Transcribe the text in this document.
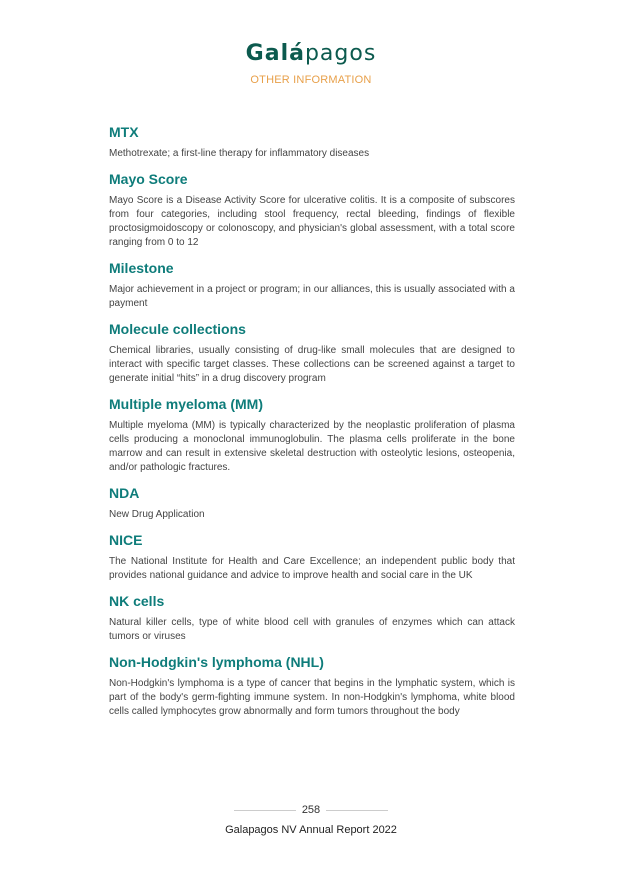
Galápagos
OTHER INFORMATION
MTX

Methotrexate; a first-line therapy for inflammatory diseases

Mayo Score

Mayo Score is a Disease Activity Score for ulcerative colitis. It is a composite of subscores from four categories, including stool frequency, rectal bleeding, findings of flexible proctosigmoidoscopy or colonoscopy, and physician's global assessment, with a total score ranging from 0 to 12

Milestone

Major achievement in a project or program; in our alliances, this is usually associated with a payment

Molecule collections

Chemical libraries, usually consisting of drug-like small molecules that are designed to interact with specific target classes. These collections can be screened against a target to generate initial “hits” in a drug discovery program

Multiple myeloma (MM)

Multiple myeloma (MM) is typically characterized by the neoplastic proliferation of plasma cells producing a monoclonal immunoglobulin. The plasma cells proliferate in the bone marrow and can result in extensive skeletal destruction with osteolytic lesions, osteopenia, and/or pathologic fractures.

NDA

New Drug Application

NICE

The National Institute for Health and Care Excellence; an independent public body that provides national guidance and advice to improve health and social care in the UK

NK cells

Natural killer cells, type of white blood cell with granules of enzymes which can attack tumors or viruses

Non-Hodgkin's lymphoma (NHL)

Non-Hodgkin's lymphoma is a type of cancer that begins in the lymphatic system, which is part of the body's germ-fighting immune system. In non-Hodgkin's lymphoma, white blood cells called lymphocytes grow abnormally and form tumors throughout the body

258
Galapagos NV Annual Report 2022
